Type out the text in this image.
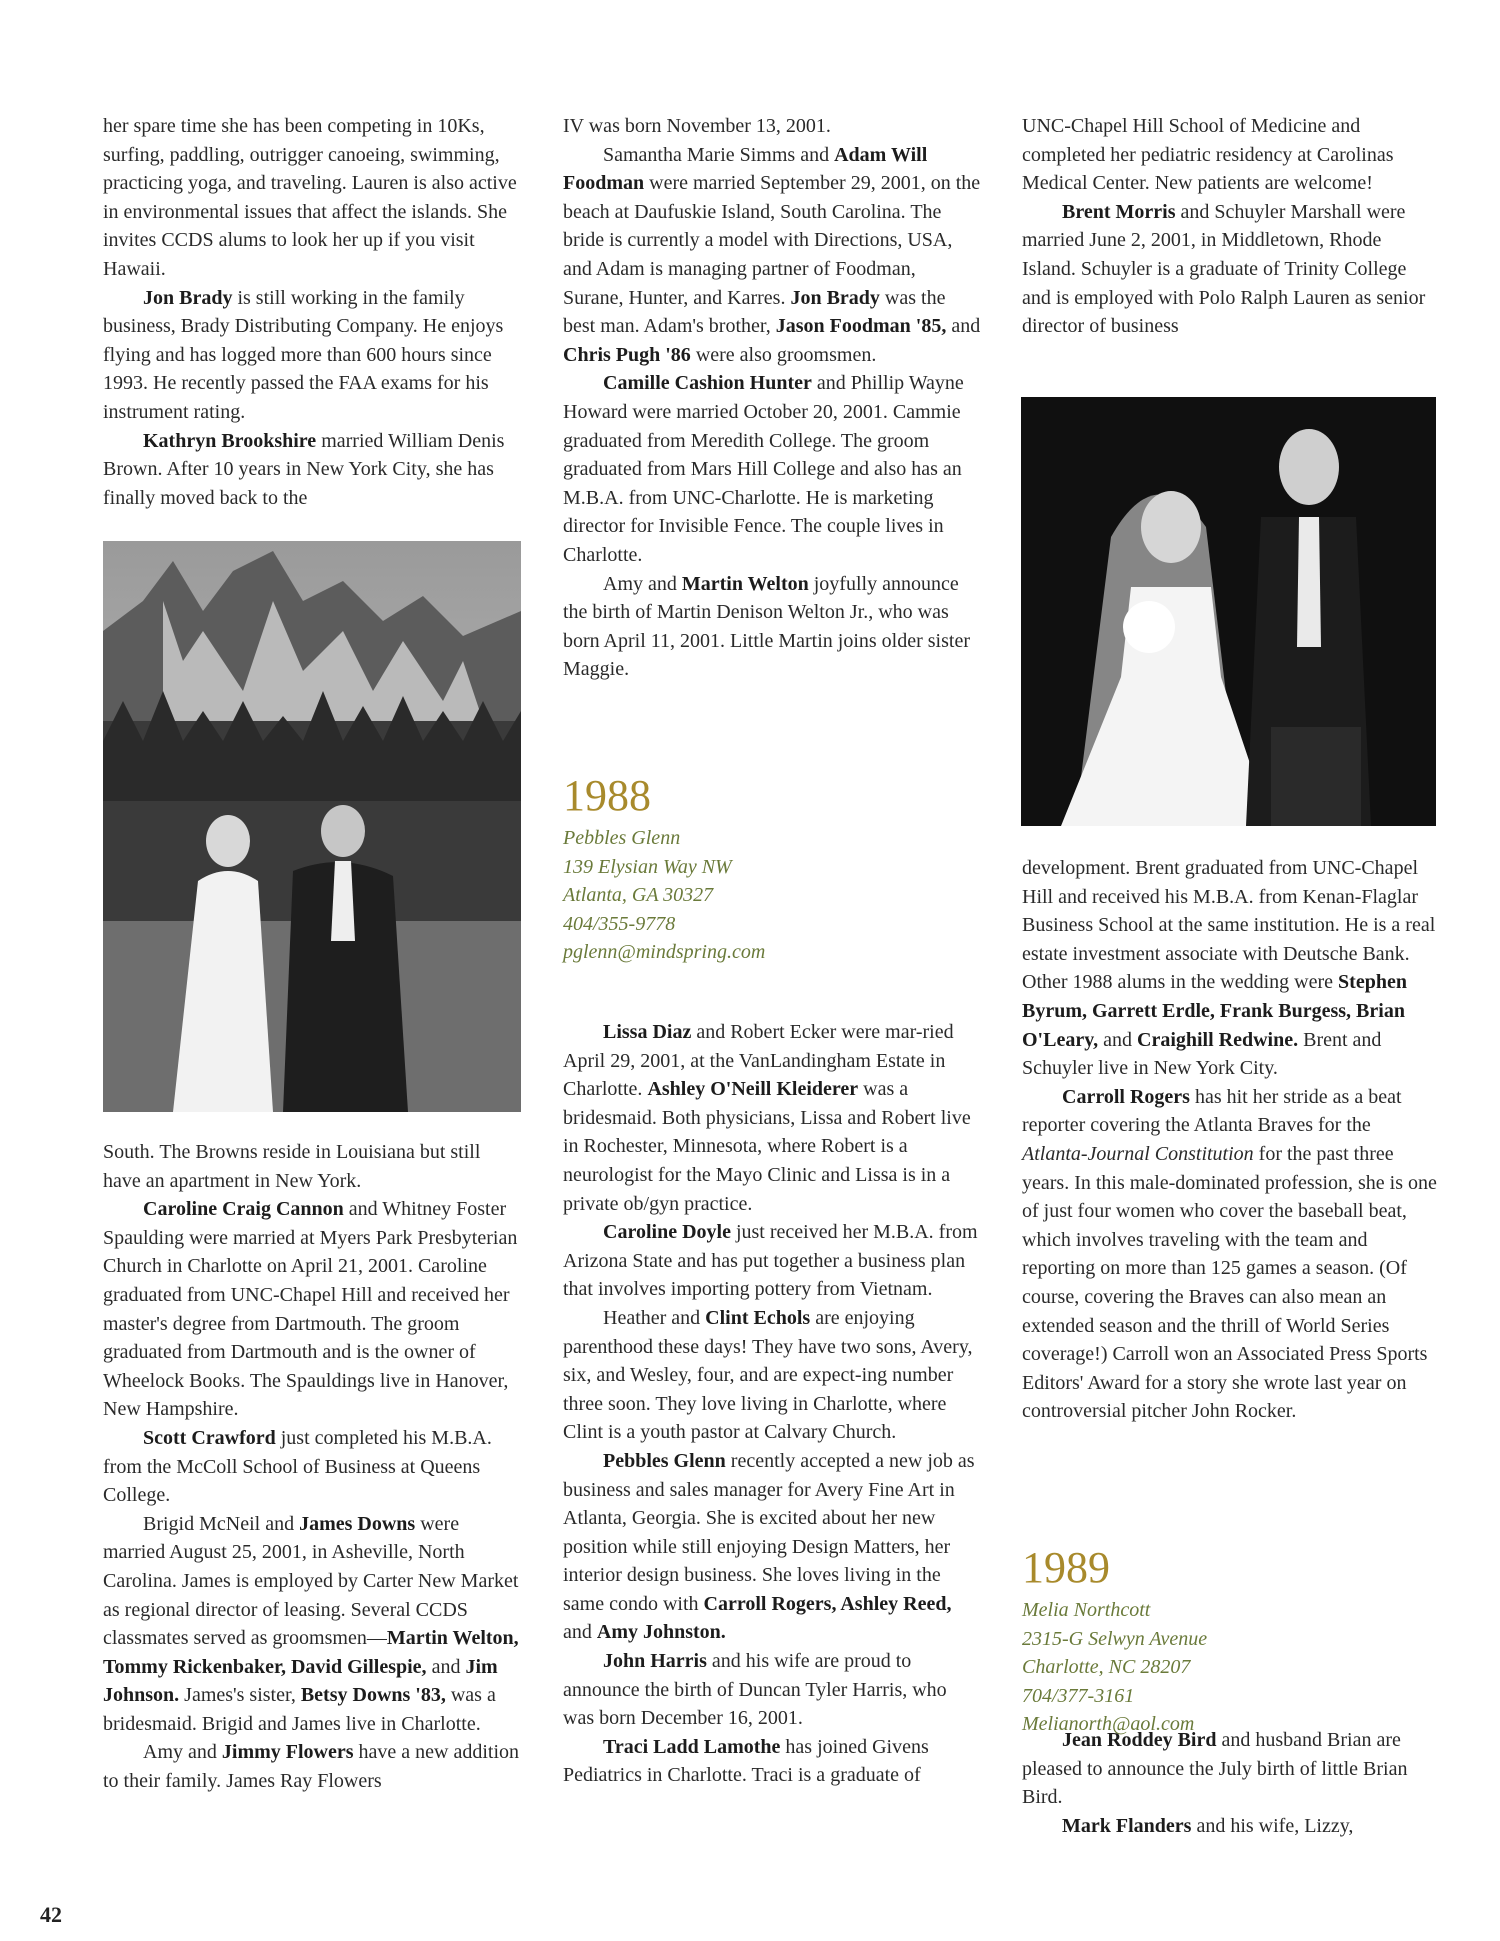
her spare time she has been competing in 10Ks, surfing, paddling, outrigger canoeing, swimming, practicing yoga, and traveling. Lauren is also active in environmental issues that affect the islands. She invites CCDS alums to look her up if you visit Hawaii.

Jon Brady is still working in the family business, Brady Distributing Company. He enjoys flying and has logged more than 600 hours since 1993. He recently passed the FAA exams for his instrument rating.

Kathryn Brookshire married William Denis Brown. After 10 years in New York City, she has finally moved back to the

South. The Browns reside in Louisiana but still have an apartment in New York.

Caroline Craig Cannon and Whitney Foster Spaulding were married at Myers Park Presbyterian Church in Charlotte on April 21, 2001. Caroline graduated from UNC-Chapel Hill and received her master's degree from Dartmouth. The groom graduated from Dartmouth and is the owner of Wheelock Books. The Spauldings live in Hanover, New Hampshire.

Scott Crawford just completed his M.B.A. from the McColl School of Business at Queens College.

Brigid McNeil and James Downs were married August 25, 2001, in Asheville, North Carolina. James is employed by Carter New Market as regional director of leasing. Several CCDS classmates served as groomsmen—Martin Welton, Tommy Rickenbaker, David Gillespie, and Jim Johnson. James's sister, Betsy Downs '83, was a bridesmaid. Brigid and James live in Charlotte.

Amy and Jimmy Flowers have a new addition to their family. James Ray Flowers

IV was born November 13, 2001.

Samantha Marie Simms and Adam Will Foodman were married September 29, 2001, on the beach at Daufuskie Island, South Carolina. The bride is currently a model with Directions, USA, and Adam is managing partner of Foodman, Surane, Hunter, and Karres. Jon Brady was the best man. Adam's brother, Jason Foodman '85, and Chris Pugh '86 were also groomsmen.

Camille Cashion Hunter and Phillip Wayne Howard were married October 20, 2001. Cammie graduated from Meredith College. The groom graduated from Mars Hill College and also has an M.B.A. from UNC-Charlotte. He is marketing director for Invisible Fence. The couple lives in Charlotte.

Amy and Martin Welton joyfully announce the birth of Martin Denison Welton Jr., who was born April 11, 2001. Little Martin joins older sister Maggie.

1988
Pebbles Glenn
139 Elysian Way NW
Atlanta, GA 30327
404/355-9778
pglenn@mindspring.com

Lissa Diaz and Robert Ecker were mar-ried April 29, 2001, at the VanLandingham Estate in Charlotte. Ashley O'Neill Kleiderer was a bridesmaid. Both physicians, Lissa and Robert live in Rochester, Minnesota, where Robert is a neurologist for the Mayo Clinic and Lissa is in a private ob/gyn practice.

Caroline Doyle just received her M.B.A. from Arizona State and has put together a business plan that involves importing pottery from Vietnam.

Heather and Clint Echols are enjoying parenthood these days! They have two sons, Avery, six, and Wesley, four, and are expect-ing number three soon. They love living in Charlotte, where Clint is a youth pastor at Calvary Church.

Pebbles Glenn recently accepted a new job as business and sales manager for Avery Fine Art in Atlanta, Georgia. She is excited about her new position while still enjoying Design Matters, her interior design business. She loves living in the same condo with Carroll Rogers, Ashley Reed, and Amy Johnston.

John Harris and his wife are proud to announce the birth of Duncan Tyler Harris, who was born December 16, 2001.

Traci Ladd Lamothe has joined Givens Pediatrics in Charlotte. Traci is a graduate of

UNC-Chapel Hill School of Medicine and completed her pediatric residency at Carolinas Medical Center. New patients are welcome!

Brent Morris and Schuyler Marshall were married June 2, 2001, in Middletown, Rhode Island. Schuyler is a graduate of Trinity College and is employed with Polo Ralph Lauren as senior director of business

development. Brent graduated from UNC-Chapel Hill and received his M.B.A. from Kenan-Flaglar Business School at the same institution. He is a real estate investment associate with Deutsche Bank. Other 1988 alums in the wedding were Stephen Byrum, Garrett Erdle, Frank Burgess, Brian O'Leary, and Craighill Redwine. Brent and Schuyler live in New York City.

Carroll Rogers has hit her stride as a beat reporter covering the Atlanta Braves for the Atlanta-Journal Constitution for the past three years. In this male-dominated profession, she is one of just four women who cover the baseball beat, which involves traveling with the team and reporting on more than 125 games a season. (Of course, covering the Braves can also mean an extended season and the thrill of World Series coverage!) Carroll won an Associated Press Sports Editors' Award for a story she wrote last year on controversial pitcher John Rocker.

1989
Melia Northcott
2315-G Selwyn Avenue
Charlotte, NC 28207
704/377-3161
Melianorth@aol.com

Jean Roddey Bird and husband Brian are pleased to announce the July birth of little Brian Bird.

Mark Flanders and his wife, Lizzy,

42
